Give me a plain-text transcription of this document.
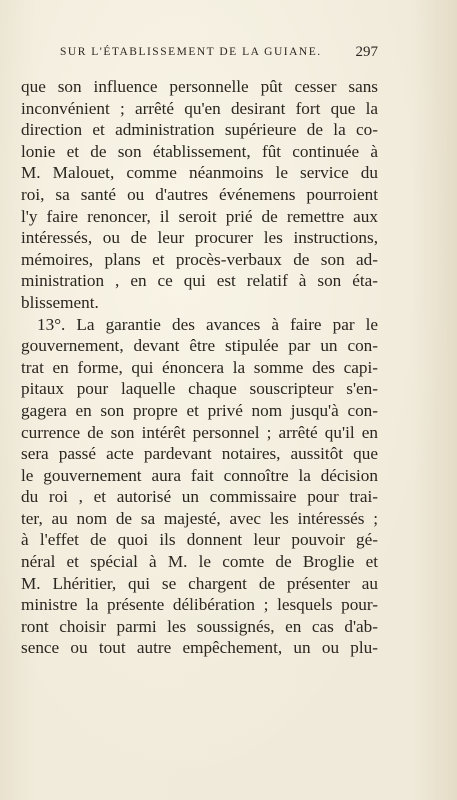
SUR L'ÉTABLISSEMENT DE LA GUIANE. 297
que son influence personnelle pût cesser sans
inconvénient ; arrêté qu'en desirant fort que la
direction et administration supérieure de la co-
lonie et de son établissement, fût continuée à
M. Malouet, comme néanmoins le service du
roi, sa santé ou d'autres événemens pourroient
l'y faire renoncer, il seroit prié de remettre aux
intéressés, ou de leur procurer les instructions,
mémoires, plans et procès-verbaux de son ad-
ministration , en ce qui est relatif à son éta-
blissement.
13°. La garantie des avances à faire par le
gouvernement, devant être stipulée par un con-
trat en forme, qui énoncera la somme des capi-
pitaux pour laquelle chaque souscripteur s'en-
gagera en son propre et privé nom jusqu'à con-
currence de son intérêt personnel ; arrêté qu'il en
sera passé acte pardevant notaires, aussitôt que
le gouvernement aura fait connoître la décision
du roi , et autorisé un commissaire pour trai-
ter, au nom de sa majesté, avec les intéressés ;
à l'effet de quoi ils donnent leur pouvoir gé-
néral et spécial à M. le comte de Broglie et
M. Lhéritier, qui se chargent de présenter au
ministre la présente délibération ; lesquels pour-
ront choisir parmi les soussignés, en cas d'ab-
sence ou tout autre empêchement, un ou plu-
